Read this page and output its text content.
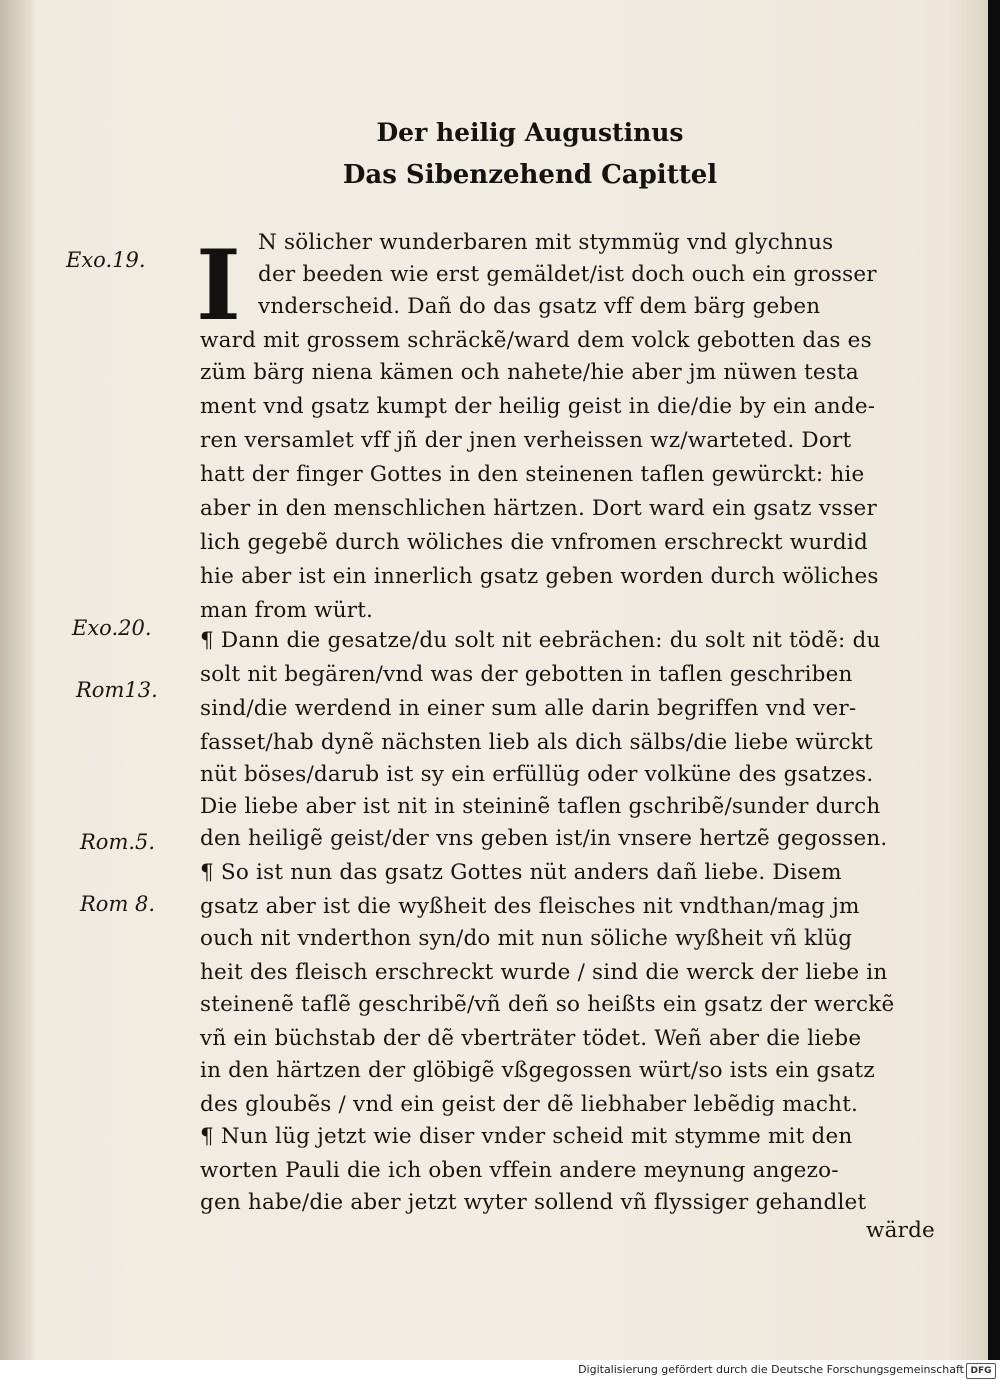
Der heilig Augustinus
Das Sibenzehend Capittel
Exo.19.
Exo.20.
Rom13.
Rom.5.
Rom 8.
I N sölicher wunderbaren mit stymmüg vnd glychnus
der beeden wie erst gemäldet/ist doch ouch ein grosser
vnderscheid. Dañ do das gsatz vff dem bärg geben
ward mit grossem schräckẽ/ward dem volck gebotten das es
züm bärg niena kämen och nahete/hie aber jm nüwen testa
ment vnd gsatz kumpt der heilig geist in die/die by ein ande-
ren versamlet vff jñ der jnen verheissen wz/warteted. Dort
hatt der finger Gottes in den steinenen taflen gewürckt: hie
aber in den menschlichen härtzen. Dort ward ein gsatz vsser
lich gegebẽ durch wöliches die vnfromen erschreckt wurdid
hie aber ist ein innerlich gsatz geben worden durch wöliches
man from würt.
¶ Dann die gesatze/du solt nit eebrächen: du solt nit tödẽ: du
solt nit begären/vnd was der gebotten in taflen geschriben
sind/die werdend in einer sum alle darin begriffen vnd ver-
fasset/hab dynẽ nächsten lieb als dich sälbs/die liebe würckt
nüt böses/darub ist sy ein erfüllüg oder volküne des gsatzes.
Die liebe aber ist nit in steininẽ taflen gschribẽ/sunder durch
den heiligẽ geist/der vns geben ist/in vnsere hertzẽ gegossen.
¶ So ist nun das gsatz Gottes nüt anders dañ liebe. Disem
gsatz aber ist die wyßheit des fleisches nit vndthan/mag jm
ouch nit vnderthon syn/do mit nun söliche wyßheit vñ klüg
heit des fleisch erschreckt wurde / sind die werck der liebe in
steinenẽ taflẽ geschribẽ/vñ deñ so heißts ein gsatz der werckẽ
vñ ein büchstab der dẽ vberträter tödet. Weñ aber die liebe
in den härtzen der glöbigẽ vßgegossen würt/so ists ein gsatz
des gloubẽs / vnd ein geist der dẽ liebhaber lebẽdig macht.
¶ Nun lüg jetzt wie diser vnder scheid mit stymme mit den
worten Pauli die ich oben vffein andere meynung angezo-
gen habe/die aber jetzt wyter sollend vñ flyssiger gehandlet
wärde
Digitalisierung gefördert durch die Deutsche Forschungsgemeinschaft DFG
